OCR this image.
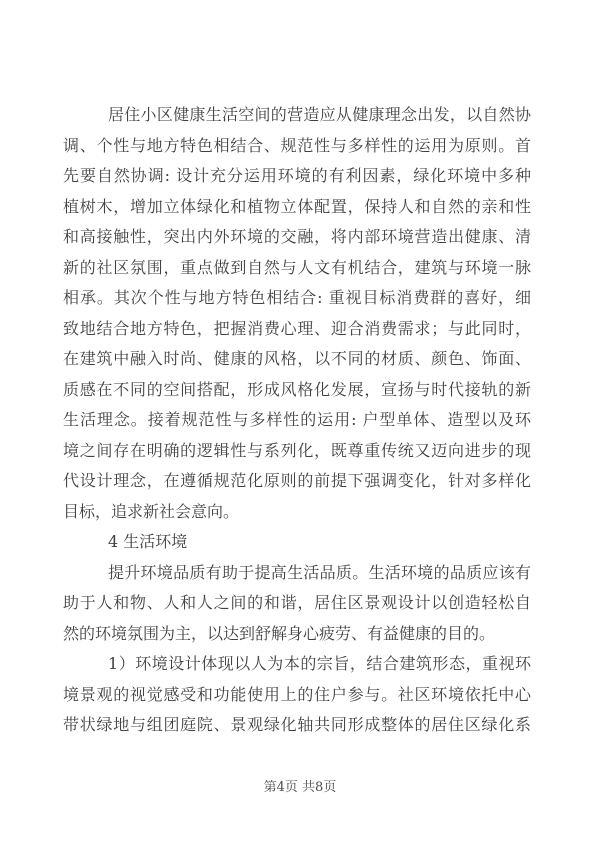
居住小区健康生活空间的营造应从健康理念出发，以自然协
调、个性与地方特色相结合、规范性与多样性的运用为原则。首
先要自然协调: 设计充分运用环境的有利因素，绿化环境中多种
植树木，增加立体绿化和植物立体配置，保持人和自然的亲和性
和高接触性，突出内外环境的交融，将内部环境营造出健康、清
新的社区氛围，重点做到自然与人文有机结合，建筑与环境一脉
相承。其次个性与地方特色相结合: 重视目标消费群的喜好，细
致地结合地方特色，把握消费心理、迎合消费需求；与此同时，
在建筑中融入时尚、健康的风格，以不同的材质、颜色、饰面、
质感在不同的空间搭配，形成风格化发展，宣扬与时代接轨的新
生活理念。接着规范性与多样性的运用: 户型单体、造型以及环
境之间存在明确的逻辑性与系列化，既尊重传统又迈向进步的现
代设计理念，在遵循规范化原则的前提下强调变化，针对多样化
目标，追求新社会意向。
4 生活环境
提升环境品质有助于提高生活品质。生活环境的品质应该有
助于人和物、人和人之间的和谐，居住区景观设计以创造轻松自
然的环境氛围为主，以达到舒解身心疲劳、有益健康的目的。
1）环境设计体现以人为本的宗旨，结合建筑形态，重视环
境景观的视觉感受和功能使用上的住户参与。社区环境依托中心
带状绿地与组团庭院、景观绿化轴共同形成整体的居住区绿化系
第4页 共8页
